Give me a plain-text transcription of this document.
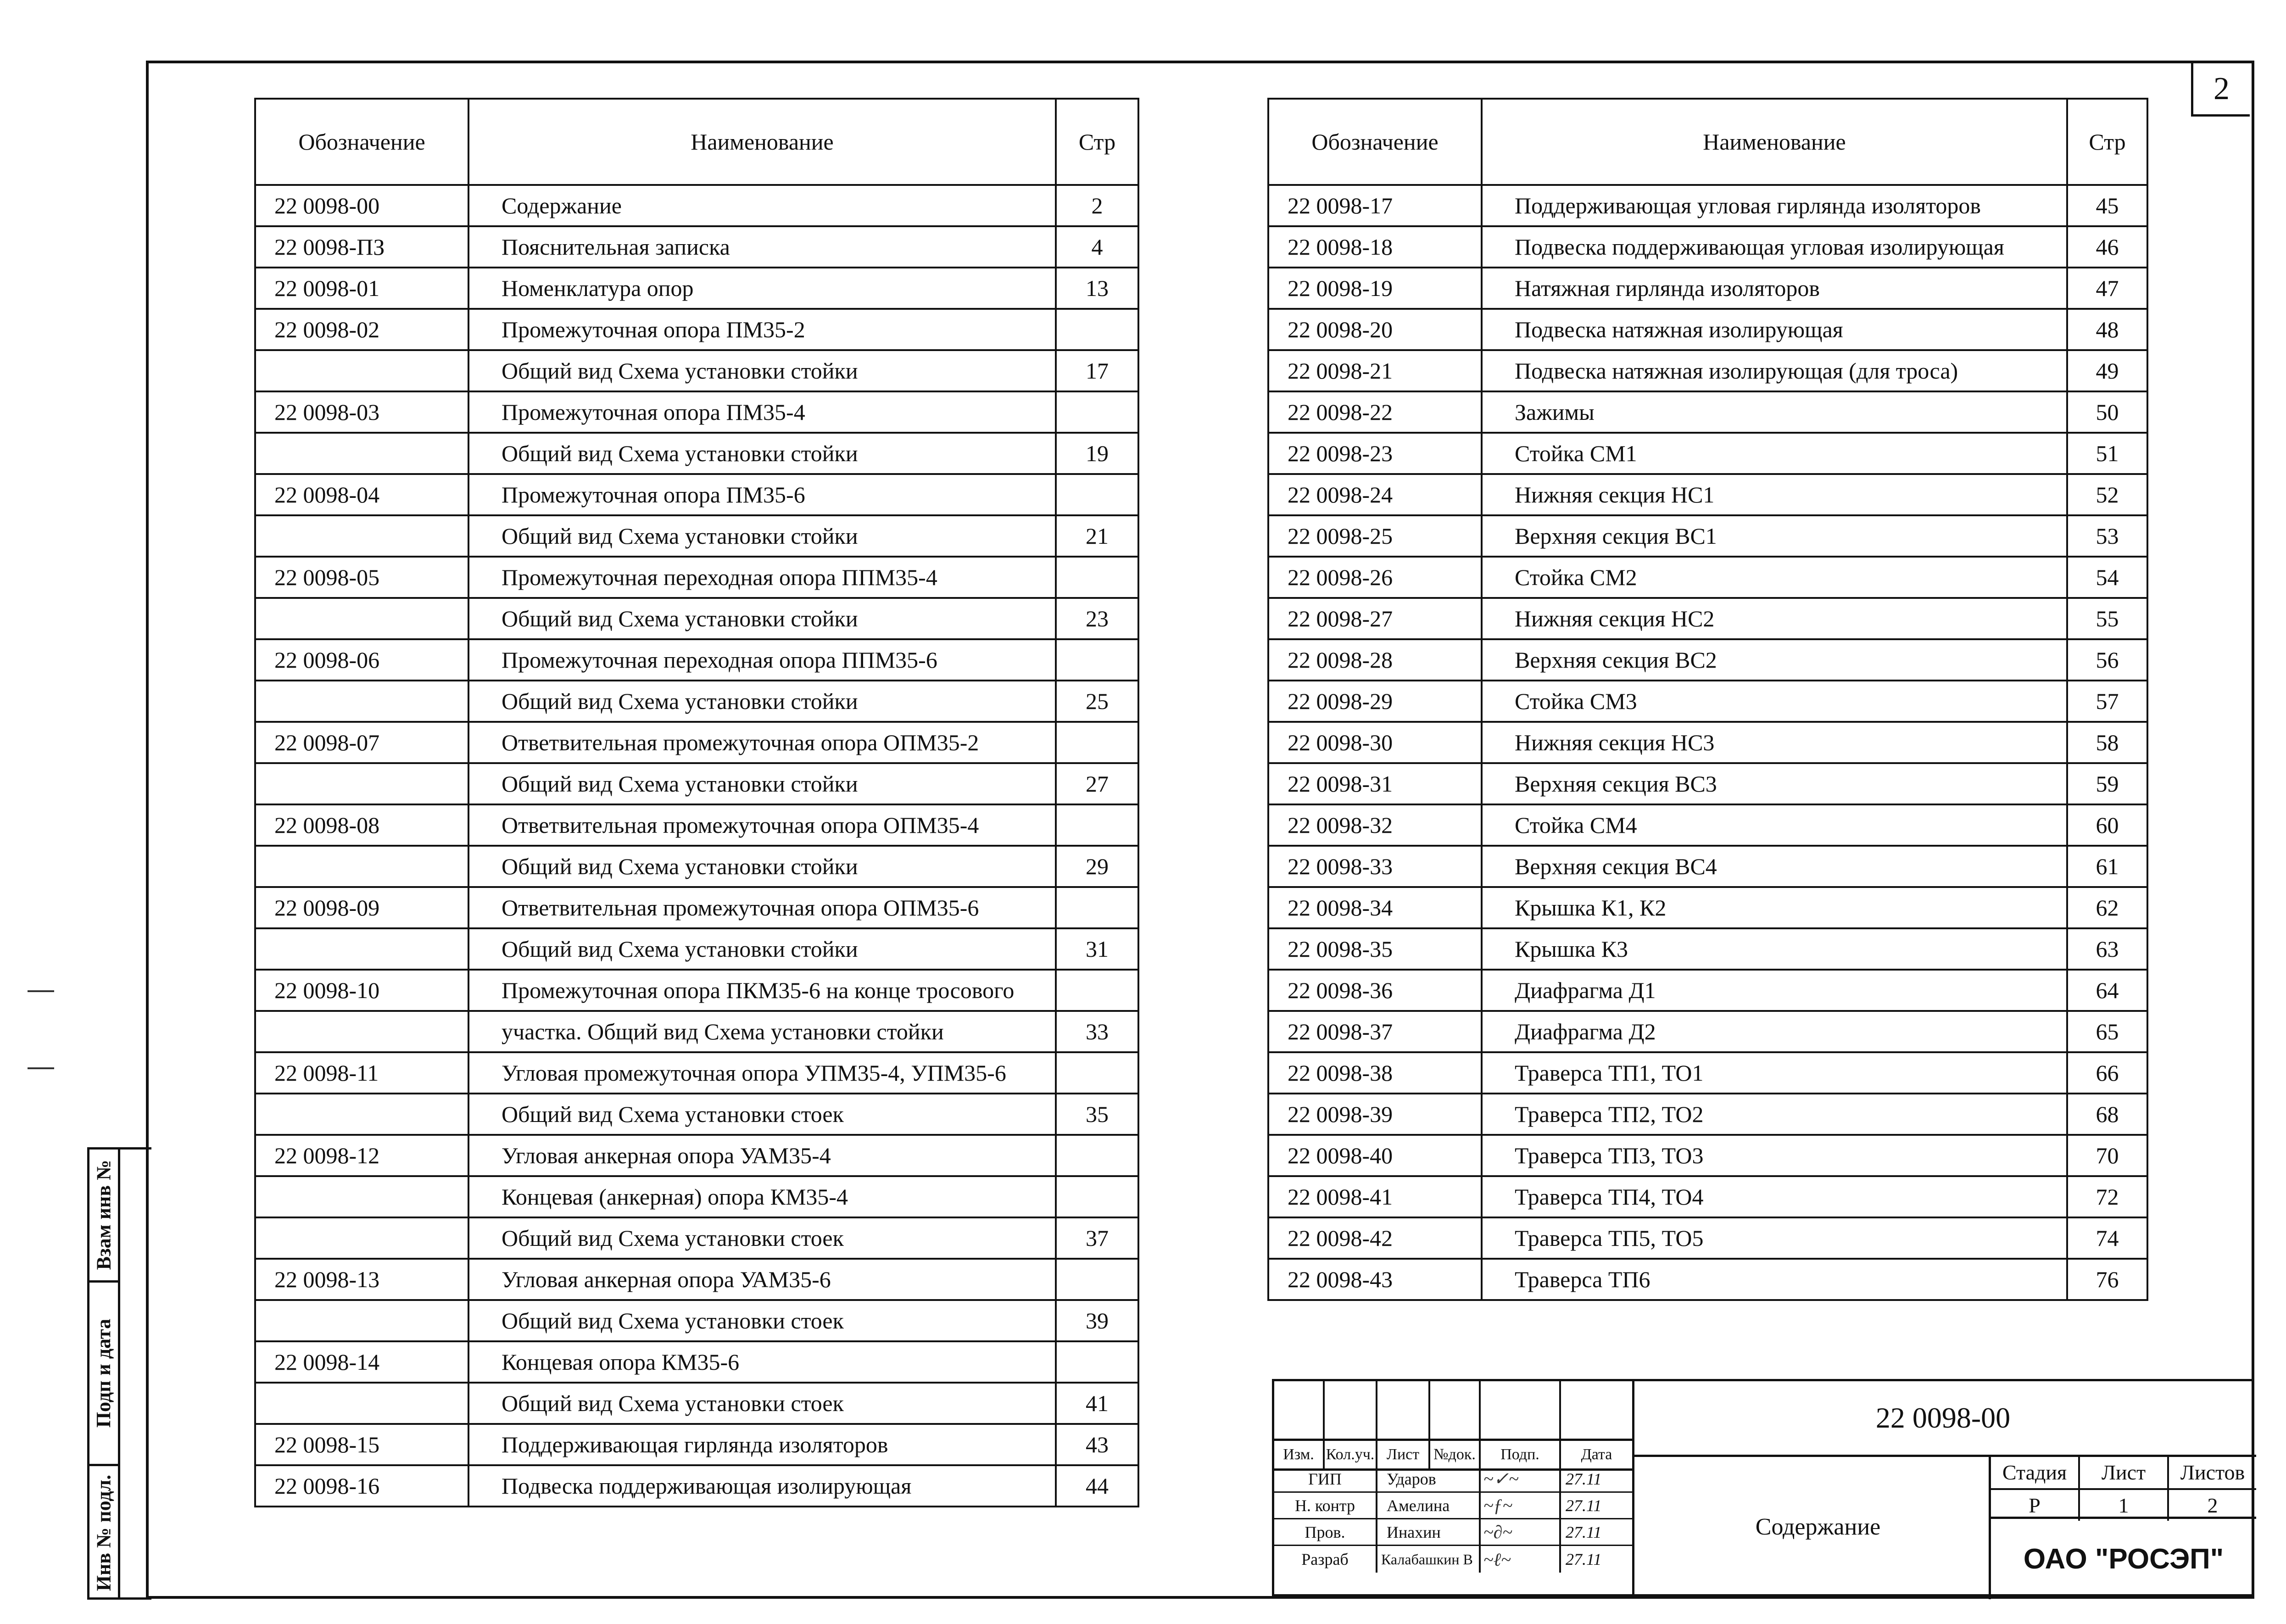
2
Обозначение	Наименование	Стр
22 0098-00	Содержание	2
22 0098-ПЗ	Пояснительная записка	4
22 0098-01	Номенклатура опор	13
22 0098-02	Промежуточная опора ПМ35-2	
	Общий вид Схема установки стойки	17
22 0098-03	Промежуточная опора ПМ35-4	
	Общий вид Схема установки стойки	19
22 0098-04	Промежуточная опора ПМ35-6	
	Общий вид Схема установки стойки	21
22 0098-05	Промежуточная переходная опора ППМ35-4	
	Общий вид Схема установки стойки	23
22 0098-06	Промежуточная переходная опора ППМ35-6	
	Общий вид Схема установки стойки	25
22 0098-07	Ответвительная промежуточная опора ОПМ35-2	
	Общий вид Схема установки стойки	27
22 0098-08	Ответвительная промежуточная опора ОПМ35-4	
	Общий вид Схема установки стойки	29
22 0098-09	Ответвительная промежуточная опора ОПМ35-6	
	Общий вид Схема установки стойки	31
22 0098-10	Промежуточная опора ПКМ35-6 на конце тросового	
	участка. Общий вид Схема установки стойки	33
22 0098-11	Угловая промежуточная опора УПМ35-4, УПМ35-6	
	Общий вид Схема установки стоек	35
22 0098-12	Угловая анкерная опора УАМ35-4	
	Концевая (анкерная) опора КМ35-4	
	Общий вид Схема установки стоек	37
22 0098-13	Угловая анкерная опора УАМ35-6	
	Общий вид Схема установки стоек	39
22 0098-14	Концевая опора КМ35-6	
	Общий вид Схема установки стоек	41
22 0098-15	Поддерживающая гирлянда изоляторов	43
22 0098-16	Подвеска поддерживающая изолирующая	44
Обозначение	Наименование	Стр
22 0098-17	Поддерживающая угловая гирлянда изоляторов	45
22 0098-18	Подвеска поддерживающая угловая изолирующая	46
22 0098-19	Натяжная гирлянда изоляторов	47
22 0098-20	Подвеска натяжная изолирующая	48
22 0098-21	Подвеска натяжная изолирующая (для троса)	49
22 0098-22	Зажимы	50
22 0098-23	Стойка СМ1	51
22 0098-24	Нижняя секция НС1	52
22 0098-25	Верхняя секция ВС1	53
22 0098-26	Стойка СМ2	54
22 0098-27	Нижняя секция НС2	55
22 0098-28	Верхняя секция ВС2	56
22 0098-29	Стойка СМ3	57
22 0098-30	Нижняя секция НС3	58
22 0098-31	Верхняя секция ВС3	59
22 0098-32	Стойка СМ4	60
22 0098-33	Верхняя секция ВС4	61
22 0098-34	Крышка К1, К2	62
22 0098-35	Крышка К3	63
22 0098-36	Диафрагма Д1	64
22 0098-37	Диафрагма Д2	65
22 0098-38	Траверса ТП1, ТО1	66
22 0098-39	Траверса ТП2, ТО2	68
22 0098-40	Траверса ТП3, ТО3	70
22 0098-41	Траверса ТП4, ТО4	72
22 0098-42	Траверса ТП5, ТО5	74
22 0098-43	Траверса ТП6	76
Изм. Кол.уч. Лист №док.	Подп.	Дата
ГИП	Ударов	~✓~	27.11
Н. контр	Амелина	~ƒ~	27.11
Пров.	Инахин	~∂~	27.11
Разраб	Калабашкин В ~ℓ~	27.11
22 0098-00
Содержание
Стадия	Лист	Листов
Р	1	2
ОАО "РОСЭП"
Взам инв №
Подп и дата
Инв № подл.
